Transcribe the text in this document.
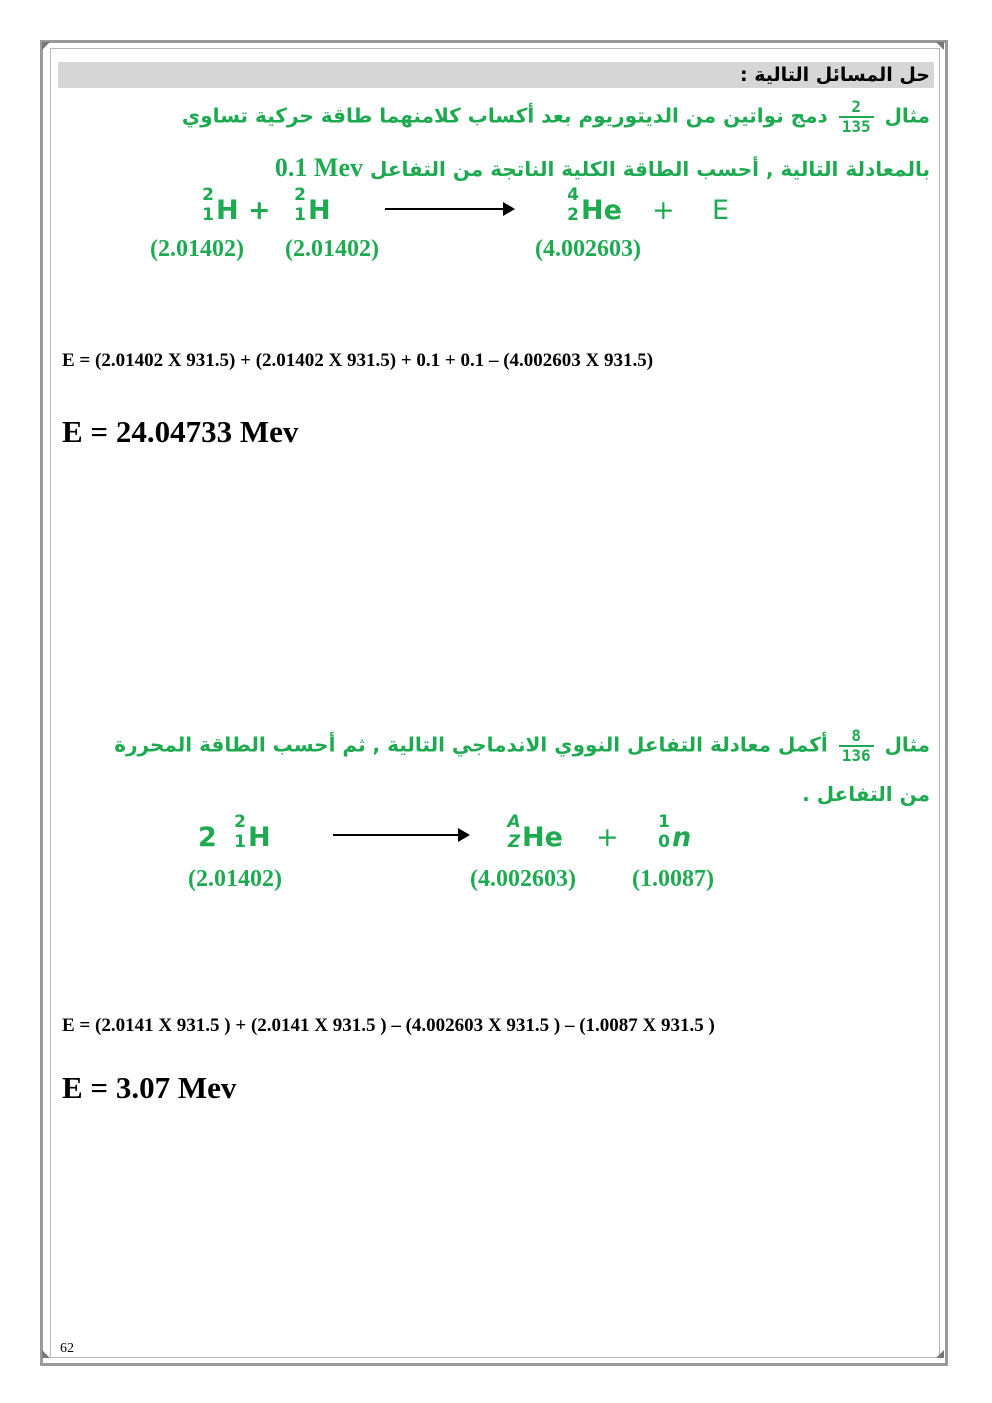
حل المسائل التالية :
مثال
$\frac{2}{135}$
دمج نواتين من الديتوريوم بعد أكساب كلامنهما طاقة حركية تساوي
بالمعادلة التالية , أحسب الطاقة الكلية الناتجة من التفاعل 0.1 Mev
2
1 H + 2
1 H	4
2 He + E
(2.01402) (2.01402)	(4.002603)
E = (2.01402 X 931.5) + (2.01402 X 931.5) + 0.1 + 0.1 – (4.002603 X 931.5)
E = 24.04733 Mev
مثال
$\frac{8}{136}$
أكمل معادلة التفاعل النووي الاندماجي التالية , ثم أحسب الطاقة المحررة
من التفاعل .
2 2
1 H	A
Z He + 1
0 n
(2.01402)	(4.002603) (1.0087)
E = (2.0141 X 931.5 ) + (2.0141 X 931.5 ) – (4.002603 X 931.5 ) – (1.0087 X 931.5 )
E = 3.07 Mev
62
